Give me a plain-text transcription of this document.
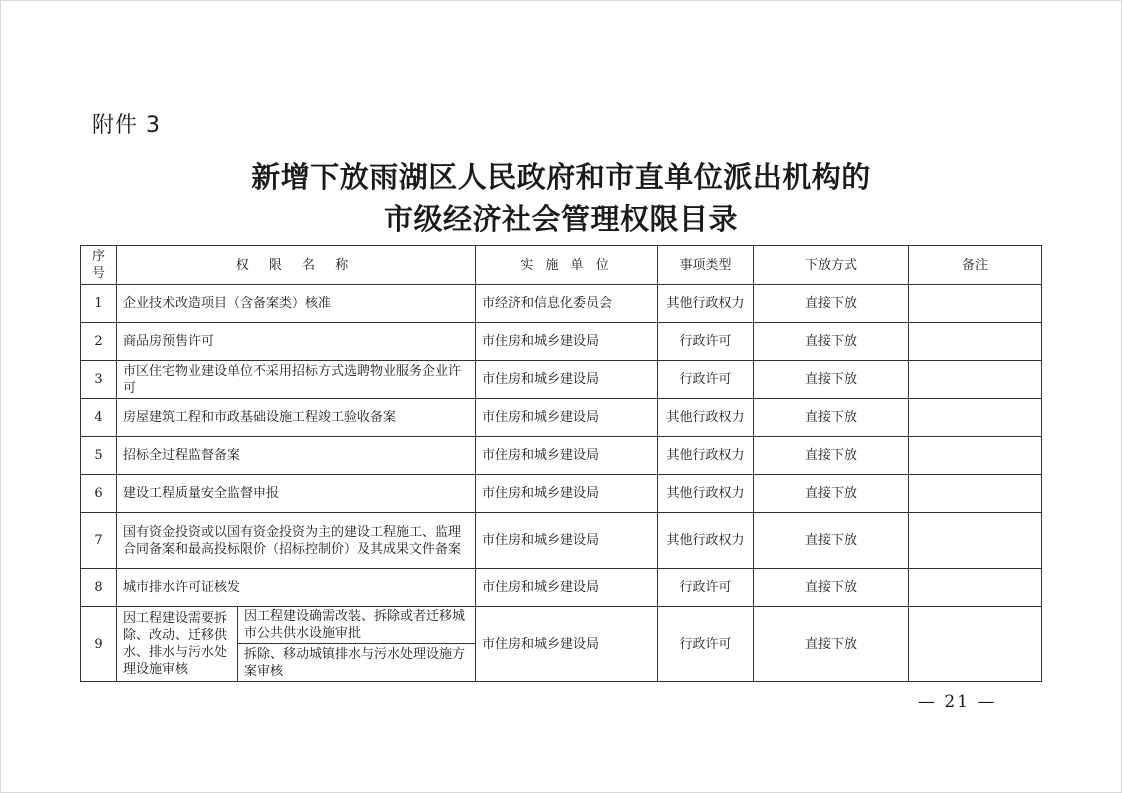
附件 3
新增下放雨湖区人民政府和市直单位派出机构的
市级经济社会管理权限目录
序号	权 限 名 称		实 施 单 位	事项类型	下放方式	备注
1	企业技术改造项目（含备案类）核准		市经济和信息化委员会	其他行政权力	直接下放	
2	商品房预售许可		市住房和城乡建设局	行政许可	直接下放	
3	市区住宅物业建设单位不采用招标方式选聘物业服务企业许可		市住房和城乡建设局	行政许可	直接下放	
4	房屋建筑工程和市政基础设施工程竣工验收备案		市住房和城乡建设局	其他行政权力	直接下放	
5	招标全过程监督备案		市住房和城乡建设局	其他行政权力	直接下放	
6	建设工程质量安全监督申报		市住房和城乡建设局	其他行政权力	直接下放	
7	国有资金投资或以国有资金投资为主的建设工程施工、监理合同备案和最高投标限价（招标控制价）及其成果文件备案		市住房和城乡建设局	其他行政权力	直接下放	
8	城市排水许可证核发		市住房和城乡建设局	行政许可	直接下放	
9	因工程建设需要拆除、改动、迁移供水、排水与污水处理设施审核	因工程建设确需改装、拆除或者迁移城市公共供水设施审批	市住房和城乡建设局	行政许可	直接下放	
		拆除、移动城镇排水与污水处理设施方案审核				
— 21 —
